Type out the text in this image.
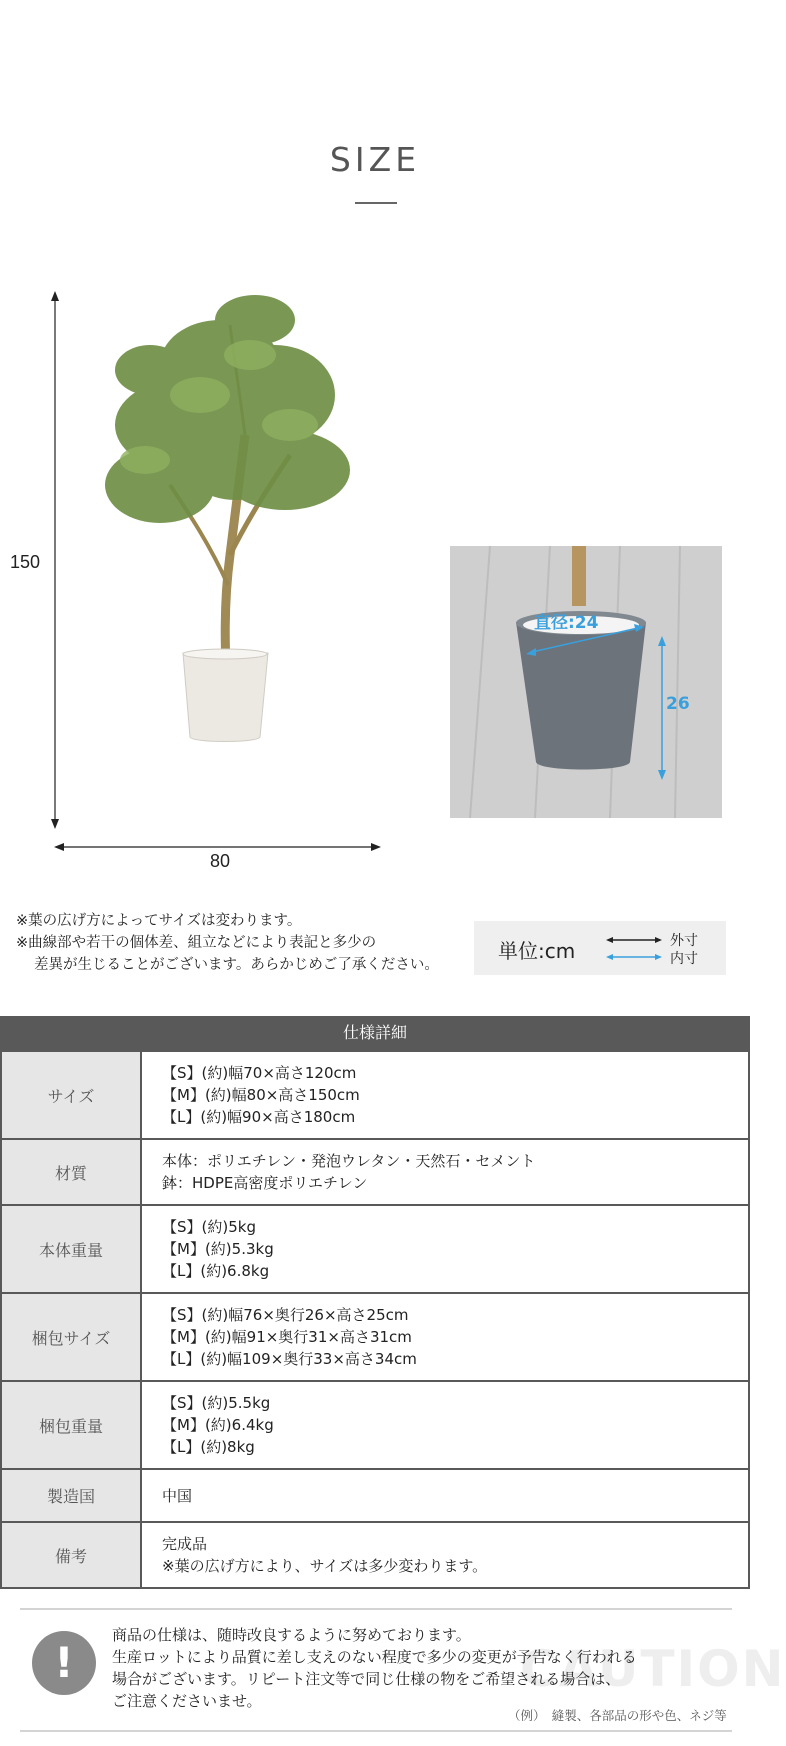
SIZE
150
80
直径:24
26
※葉の広げ方によってサイズは変わります。
※曲線部や若干の個体差、組立などにより表記と多少の
差異が生じることがございます。あらかじめご了承ください。
単位:cm	外寸
内寸
仕様詳細
サイズ	【S】(約)幅70×高さ120cm
【M】(約)幅80×高さ150cm
【L】(約)幅90×高さ180cm

材質	本体：ポリエチレン・発泡ウレタン・天然石・セメント
鉢：HDPE高密度ポリエチレン

本体重量	【S】(約)5kg
【M】(約)5.3kg
【L】(約)6.8kg

梱包サイズ	【S】(約)幅76×奥行26×高さ25cm
【M】(約)幅91×奥行31×高さ31cm
【L】(約)幅109×奥行33×高さ34cm

梱包重量	【S】(約)5.5kg
【M】(約)6.4kg
【L】(約)8kg

製造国	中国

備考	完成品
※葉の広げ方により、サイズは多少変わります。
CAUTION
!
商品の仕様は、随時改良するように努めております。
生産ロットにより品質に差し支えのない程度で多少の変更が予告なく行われる
場合がございます。リピート注文等で同じ仕様の物をご希望される場合は、
ご注意くださいませ。
（例）　縫製、各部品の形や色、ネジ等
